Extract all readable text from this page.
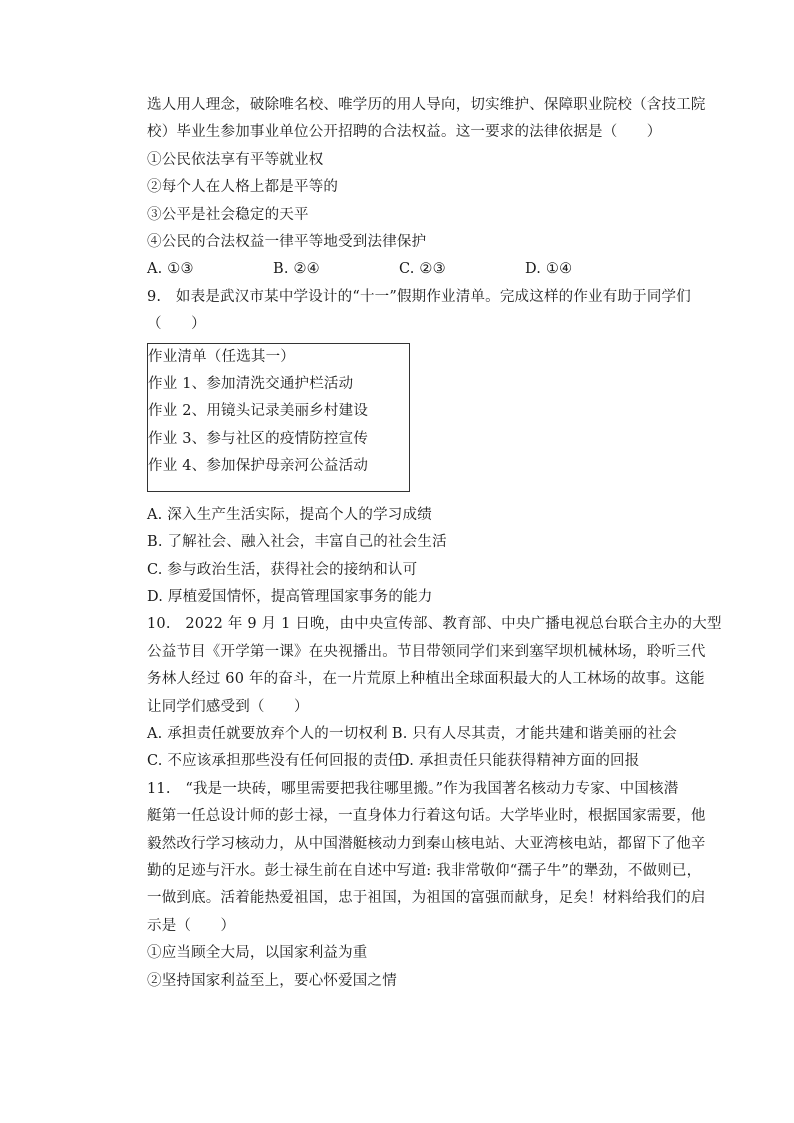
选人用人理念，破除唯名校、唯学历的用人导向，切实维护、保障职业院校（含技工院

校）毕业生参加事业单位公开招聘的合法权益。这一要求的法律依据是（　　）

①公民依法享有平等就业权

②每个人在人格上都是平等的

③公平是社会稳定的天平

④公民的合法权益一律平等地受到法律保护

A. ①③	B. ②④	C. ②③	D. ①④

9.　如表是武汉市某中学设计的“十一”假期作业清单。完成这样的作业有助于同学们

（　　）

作业清单（任选其一）
作业 1、参加清洗交通护栏活动
作业 2、用镜头记录美丽乡村建设
作业 3、参与社区的疫情防控宣传
作业 4、参加保护母亲河公益活动

A. 深入生产生活实际，提高个人的学习成绩

B. 了解社会、融入社会，丰富自己的社会生活

C. 参与政治生活，获得社会的接纳和认可

D. 厚植爱国情怀，提高管理国家事务的能力

10.　2022 年 9 月 1 日晚，由中央宣传部、教育部、中央广播电视总台联合主办的大型

公益节目《开学第一课》在央视播出。节目带领同学们来到塞罕坝机械林场，聆听三代

务林人经过 60 年的奋斗，在一片荒原上种植出全球面积最大的人工林场的故事。这能

让同学们感受到（　　）

A. 承担责任就要放弃个人的一切权利 B. 只有人尽其责，才能共建和谐美丽的社会
C. 不应该承担那些没有任何回报的责任
D. 承担责任只能获得精神方面的回报

11.　“我是一块砖，哪里需要把我往哪里搬。”作为我国著名核动力专家、中国核潜

艇第一任总设计师的彭士禄，一直身体力行着这句话。大学毕业时，根据国家需要，他

毅然改行学习核动力，从中国潜艇核动力到秦山核电站、大亚湾核电站，都留下了他辛

勤的足迹与汗水。彭士禄生前在自述中写道: 我非常敬仰“孺子牛”的犟劲，不做则已，

一做到底。活着能热爱祖国，忠于祖国，为祖国的富强而献身，足矣！材料给我们的启

示是（　　）

①应当顾全大局，以国家利益为重

②坚持国家利益至上，要心怀爱国之情
